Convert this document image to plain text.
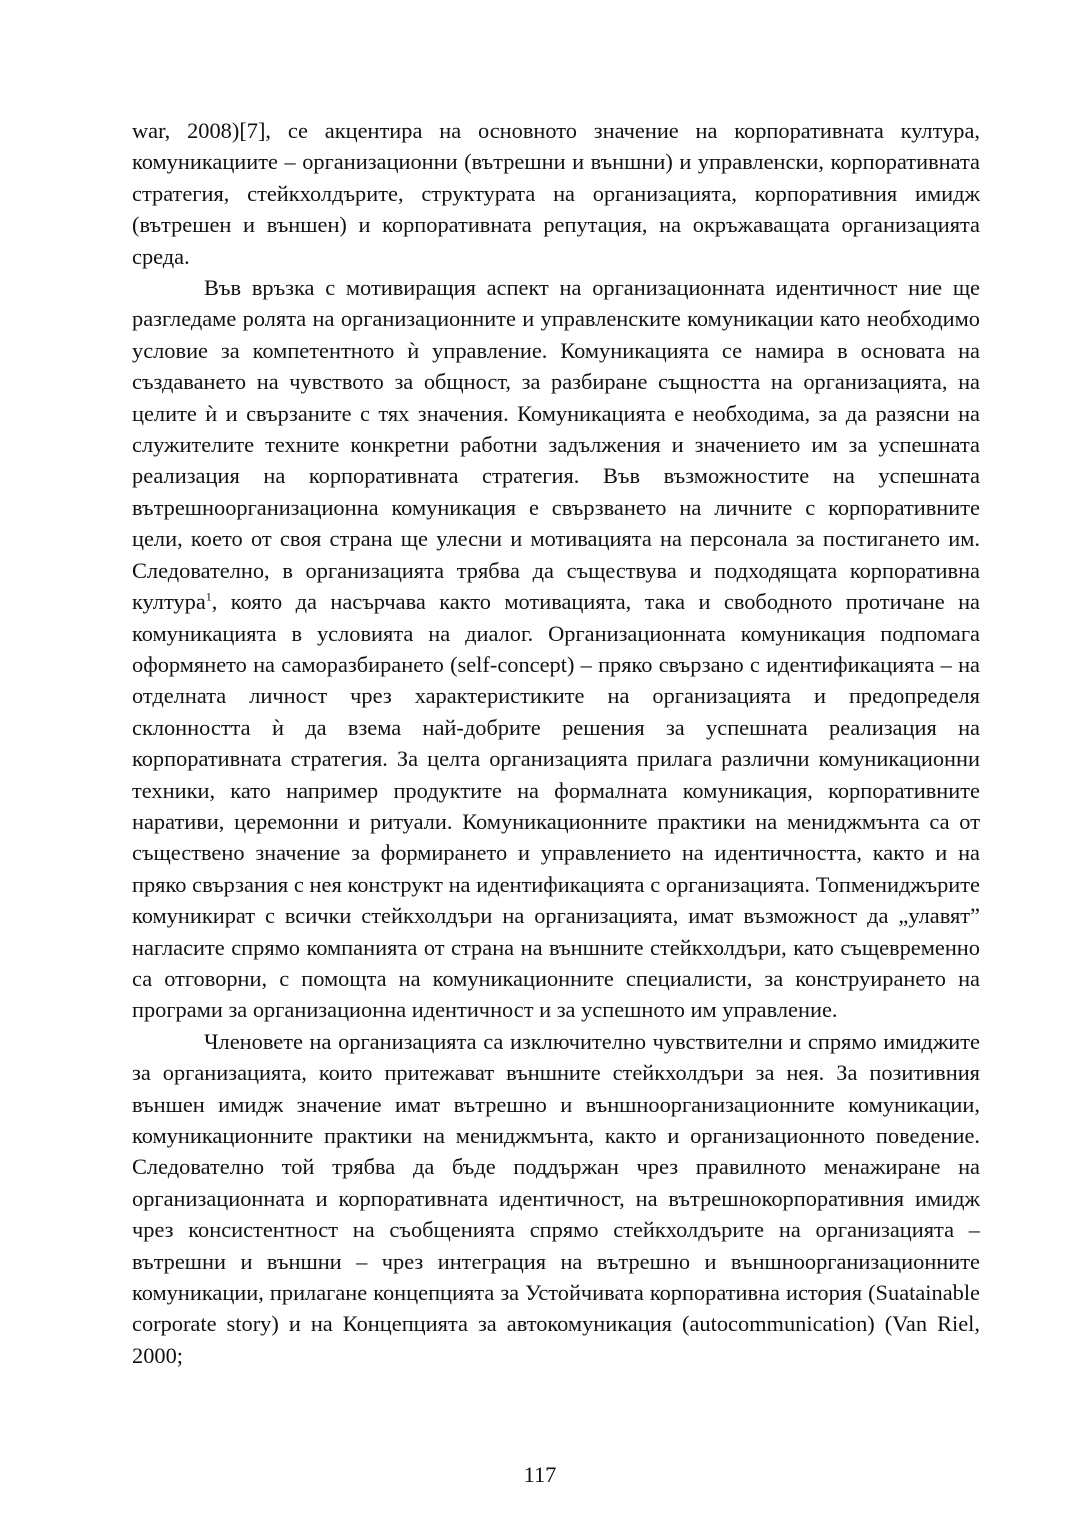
war, 2008)[7], се акцентира на основното значение на корпоративната култура, комуникациите – организационни (вътрешни и външни) и управленски, корпоративната стратегия, стейкхолдърите, структурата на организацията, корпоративния имидж (вътрешен и външен) и корпоративната репутация, на окръжаващата организацията среда.

Във връзка с мотивиращия аспект на организационната идентичност ние ще разгледаме ролята на организационните и управленските комуникации като необходимо условие за компетентното ѝ управление. Комуникацията се намира в основата на създаването на чувството за общност, за разбиране същността на организацията, на целите ѝ и свързаните с тях значения. Комуникацията е необходима, за да разясни на служителите техните конкретни работни задължения и значението им за успешната реализация на корпоративната стратегия. Във възможностите на успешната вътрешноорганизационна комуникация е свързването на личните с корпоративните цели, което от своя страна ще улесни и мотивацията на персонала за постигането им. Следователно, в организацията трябва да съществува и подходящата корпоративна култура$^1$, която да насърчава както мотивацията, така и свободното протичане на комуникацията в условията на диалог. Организационната комуникация подпомага оформянето на саморазбирането (self-concept) – пряко свързано с идентификацията – на отделната личност чрез характеристиките на организацията и предопределя склонността ѝ да взема най-добрите решения за успешната реализация на корпоративната стратегия. За целта организацията прилага различни комуникационни техники, като например продуктите на формалната комуникация, корпоративните наративи, церемонни и ритуали. Комуникационните практики на мениджмънта са от съществено значение за формирането и управлението на идентичността, както и на пряко свързания с нея конструкт на идентификацията с организацията. Топмениджърите комуникират с всички стейкхолдъри на организацията, имат възможност да „улавят” нагласите спрямо компанията от страна на външните стейкхолдъри, като същевременно са отговорни, с помощта на комуникационните специалисти, за конструирането на програми за организационна идентичност и за успешното им управление.

Членовете на организацията са изключително чувствителни и спрямо имиджите за организацията, които притежават външните стейкхолдъри за нея. За позитивния външен имидж значение имат вътрешно и външноорганизационните комуникации, комуникационните практики на мениджмънта, както и организационното поведение. Следователно той трябва да бъде поддържан чрез правилното менажиране на организационната и корпоративната идентичност, на вътрешнокорпоративния имидж чрез консистентност на съобщенията спрямо стейкхолдърите на организацията – вътрешни и външни – чрез интеграция на вътрешно и външноорганизационните комуникации, прилагане концепцията за Устойчивата корпоративна история (Suatainable corporate story) и на Концепцията за автокомуникация (autocommunication) (Van Riel, 2000;

117
